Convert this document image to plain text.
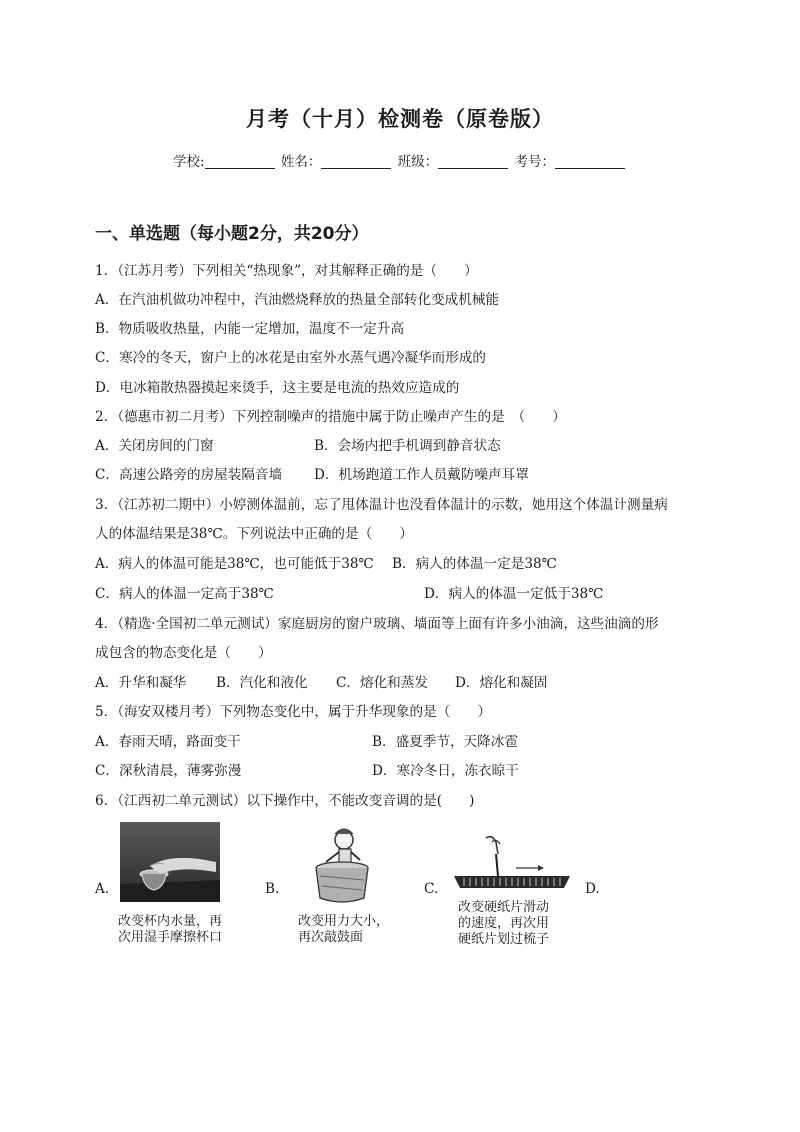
月考（十月）检测卷（原卷版）
学校:	姓名：	班级：	考号：
一、单选题（每小题2分，共20分）
1．（江苏月考）下列相关“热现象”，对其解释正确的是（　　）
A．在汽油机做功冲程中，汽油燃烧释放的热量全部转化变成机械能
B．物质吸收热量，内能一定增加，温度不一定升高
C．寒冷的冬天，窗户上的冰花是由室外水蒸气遇冷凝华而形成的
D．电冰箱散热器摸起来烫手，这主要是电流的热效应造成的
2．（德惠市初二月考）下列控制噪声的措施中属于防止噪声产生的是　（　　）
A．关闭房间的门窗	B．会场内把手机调到静音状态
C．高速公路旁的房屋装隔音墙 D．机场跑道工作人员戴防噪声耳罩
3．（江苏初二期中）小婷测体温前，忘了甩体温计也没看体温计的示数，她用这个体温计测量病
人的体温结果是38℃。下列说法中正确的是（　　）
A．病人的体温可能是38℃，也可能低于38℃ B．病人的体温一定是38℃
C．病人的体温一定高于38℃	D．病人的体温一定低于38℃
4．（精选·全国初二单元测试）家庭厨房的窗户玻璃、墙面等上面有许多小油滴，这些油滴的形
成包含的物态变化是（　　）
A．升华和凝华 B．汽化和液化 C．熔化和蒸发 D．熔化和凝固
5．（海安双楼月考）下列物态变化中，属于升华现象的是（　　）
A．春雨天晴，路面变干	B．盛夏季节，天降冰雹
C．深秋清晨，薄雾弥漫	D．寒冷冬日，冻衣晾干
6．（江西初二单元测试）以下操作中，不能改变音调的是(　　)
A.	B.	C.	D.
改变杯内水量，再
次用湿手摩擦杯口
改变用力大小，
再次敲鼓面
改变硬纸片滑动
的速度，再次用
硬纸片划过梳子
